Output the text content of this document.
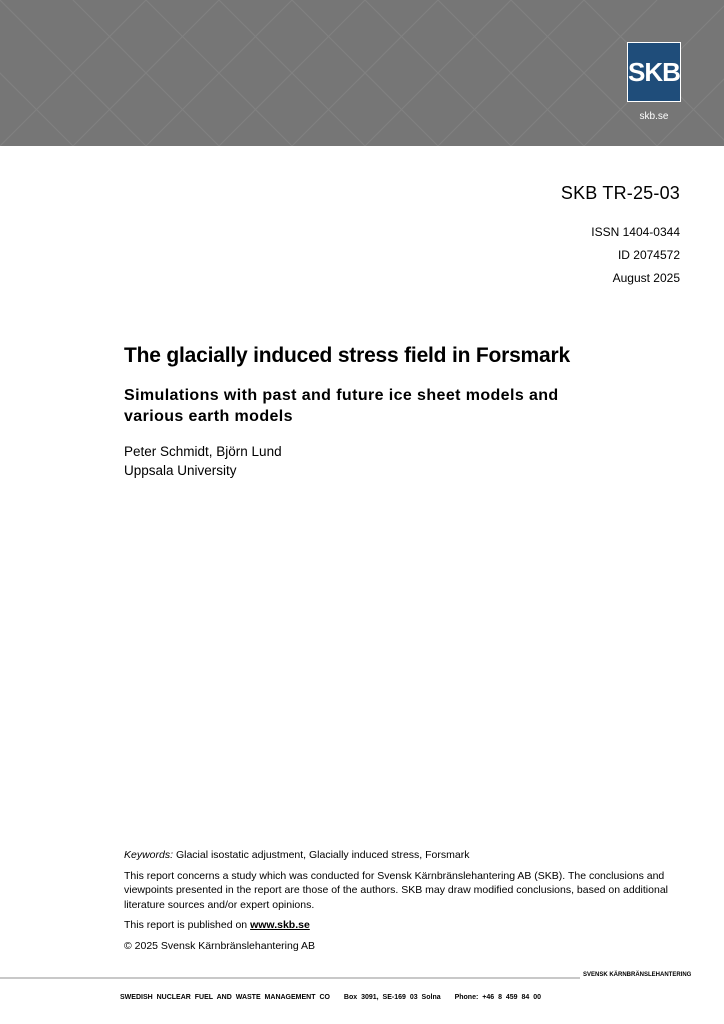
SKB
skb.se
SKB TR-25-03
ISSN 1404-0344
ID 2074572
August 2025
The glacially induced stress field in Forsmark
Simulations with past and future ice sheet models and various earth models
Peter Schmidt, Björn Lund
Uppsala University

Keywords: Glacial isostatic adjustment, Glacially induced stress, Forsmark

This report concerns a study which was conducted for Svensk Kärnbränslehantering AB (SKB). The conclusions and viewpoints presented in the report are those of the authors. SKB may draw modified conclusions, based on additional literature sources and/or expert opinions.

This report is published on www.skb.se

© 2025 Svensk Kärnbränslehantering AB

SVENSK KÄRNBRÄNSLEHANTERING
SWEDISH NUCLEAR FUEL AND WASTE MANAGEMENT CO Box 3091, SE-169 03 Solna Phone: +46 8 459 84 00
